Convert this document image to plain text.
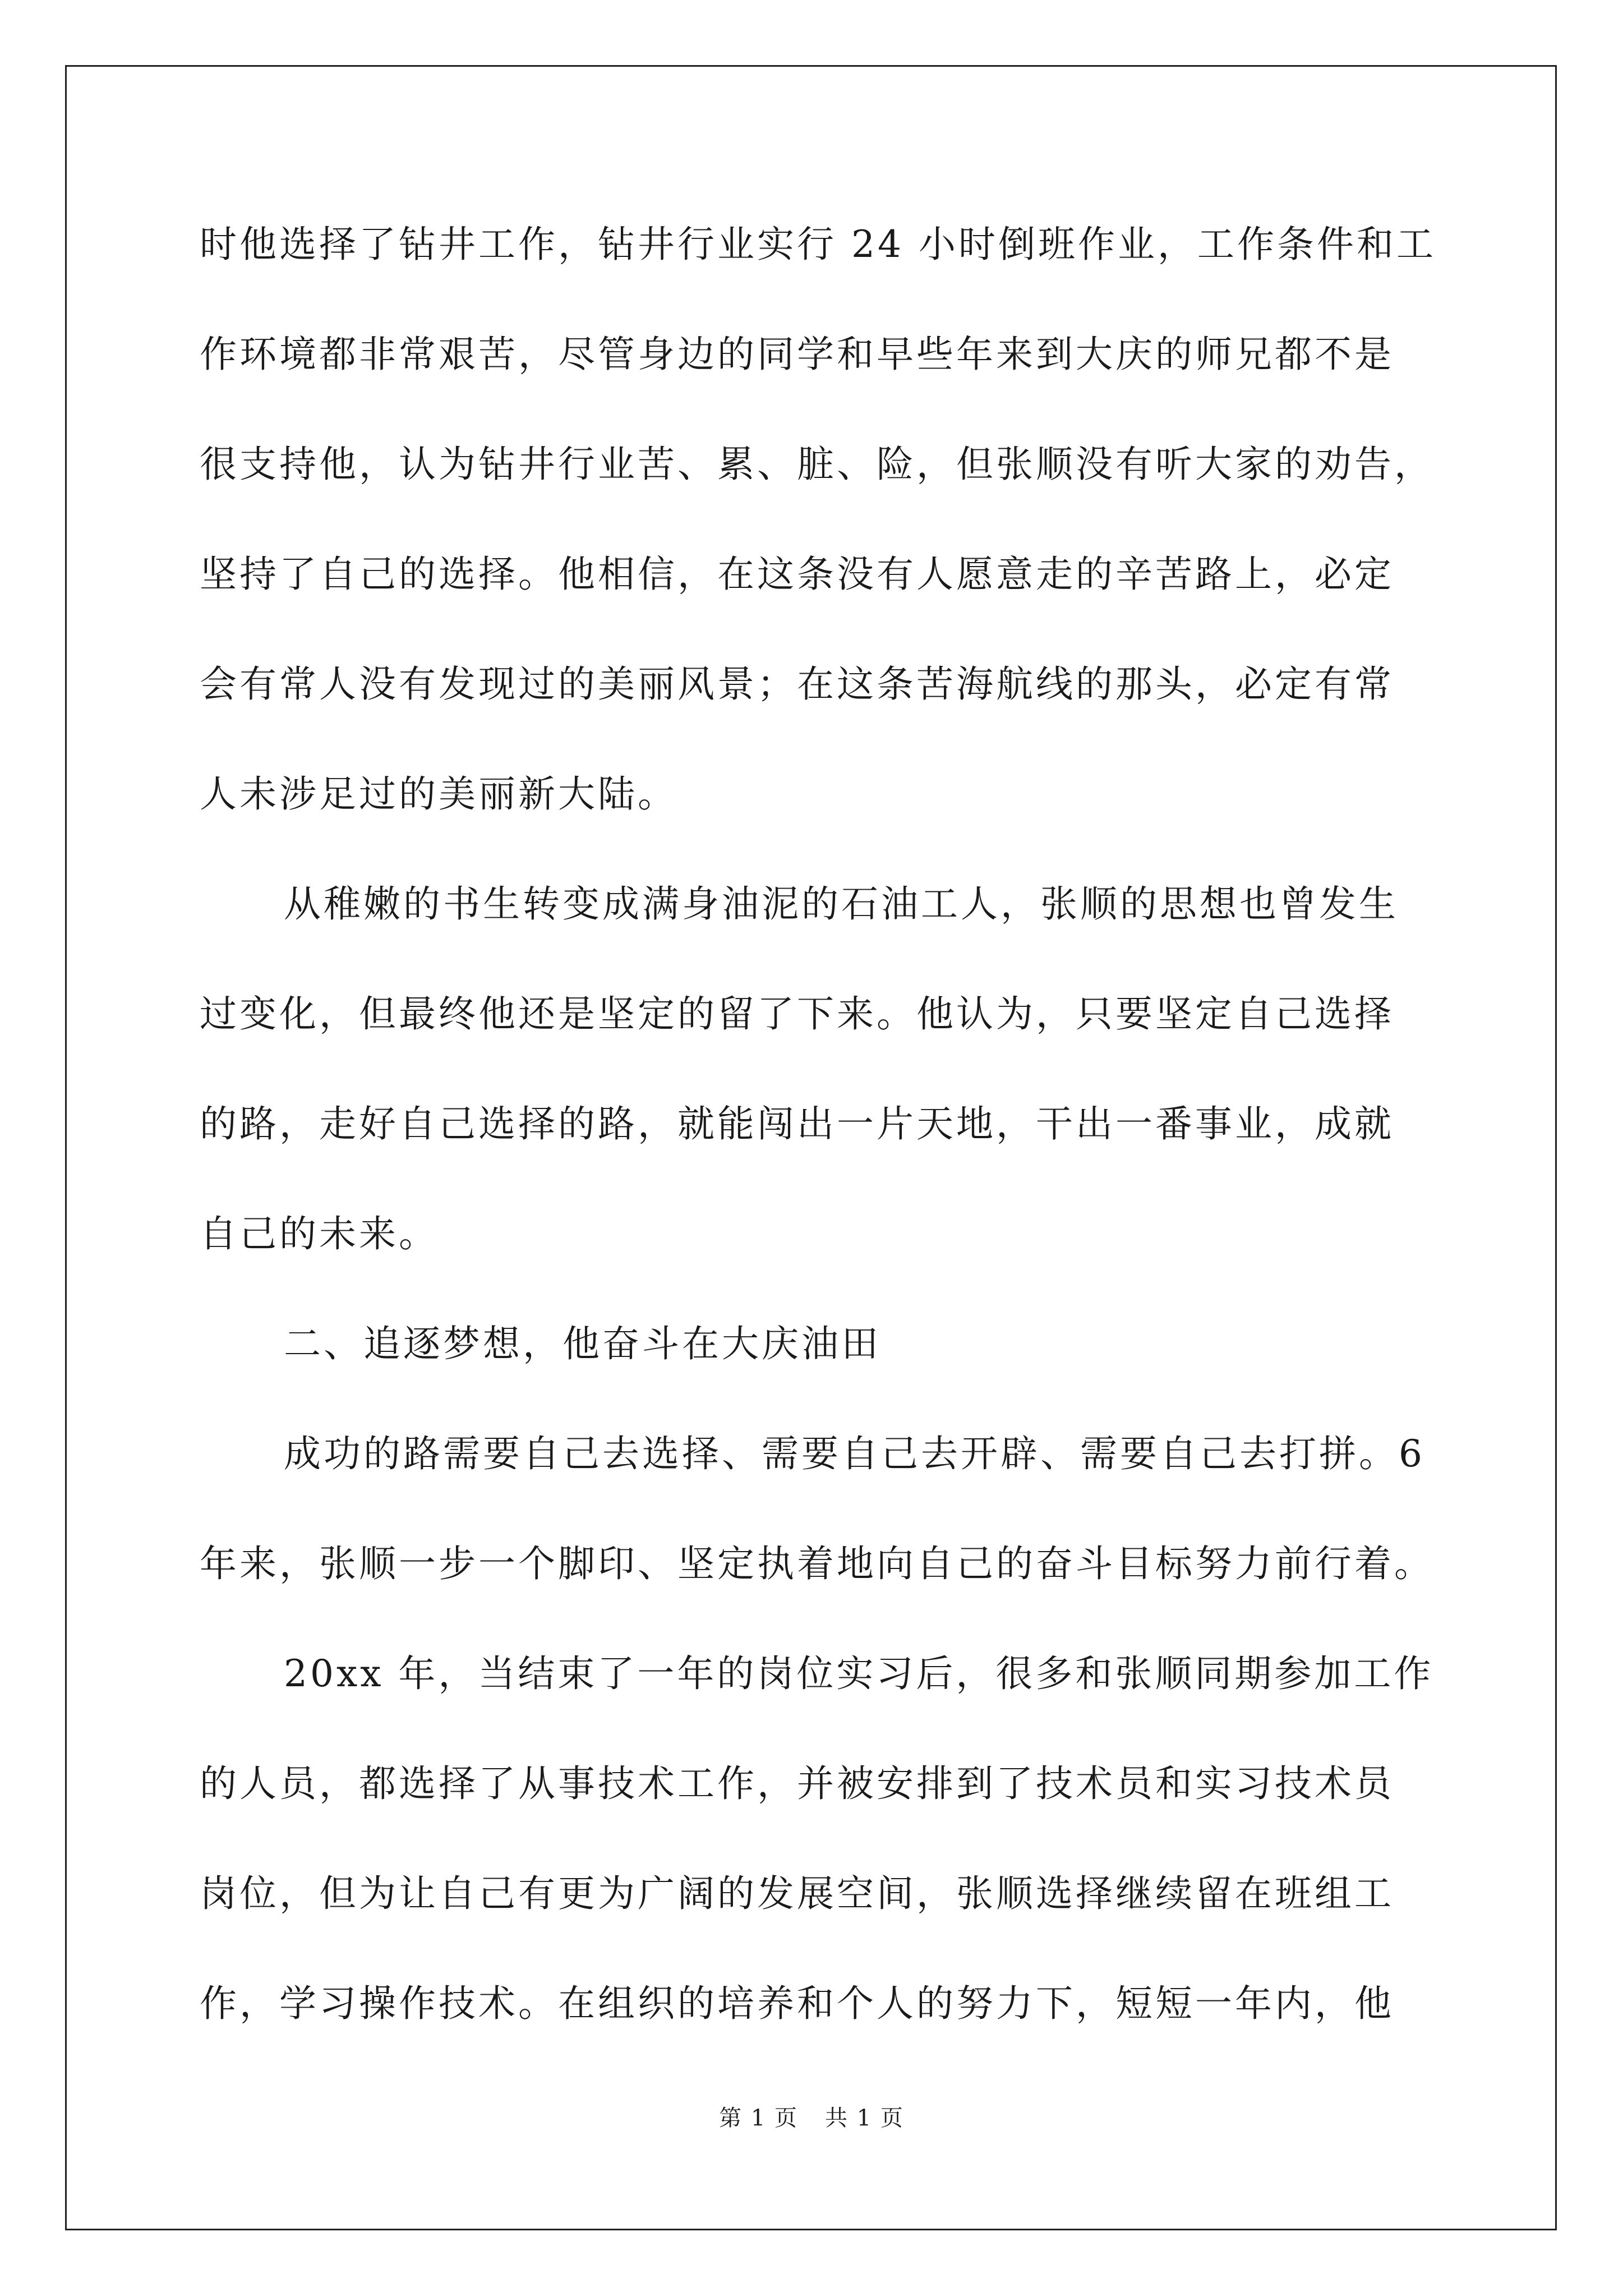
时他选择了钻井工作，钻井行业实行 24 小时倒班作业，工作条件和工
作环境都非常艰苦，尽管身边的同学和早些年来到大庆的师兄都不是
很支持他，认为钻井行业苦、累、脏、险，但张顺没有听大家的劝告，
坚持了自己的选择。他相信，在这条没有人愿意走的辛苦路上，必定
会有常人没有发现过的美丽风景；在这条苦海航线的那头，必定有常
人未涉足过的美丽新大陆。
从稚嫩的书生转变成满身油泥的石油工人，张顺的思想也曾发生
过变化，但最终他还是坚定的留了下来。他认为，只要坚定自己选择
的路，走好自己选择的路，就能闯出一片天地，干出一番事业，成就
自己的未来。
二、追逐梦想，他奋斗在大庆油田
成功的路需要自己去选择、需要自己去开辟、需要自己去打拼。6
年来，张顺一步一个脚印、坚定执着地向自己的奋斗目标努力前行着。
20xx 年，当结束了一年的岗位实习后，很多和张顺同期参加工作
的人员，都选择了从事技术工作，并被安排到了技术员和实习技术员
岗位，但为让自己有更为广阔的发展空间，张顺选择继续留在班组工
作，学习操作技术。在组织的培养和个人的努力下，短短一年内，他
第 1 页 共 1 页
